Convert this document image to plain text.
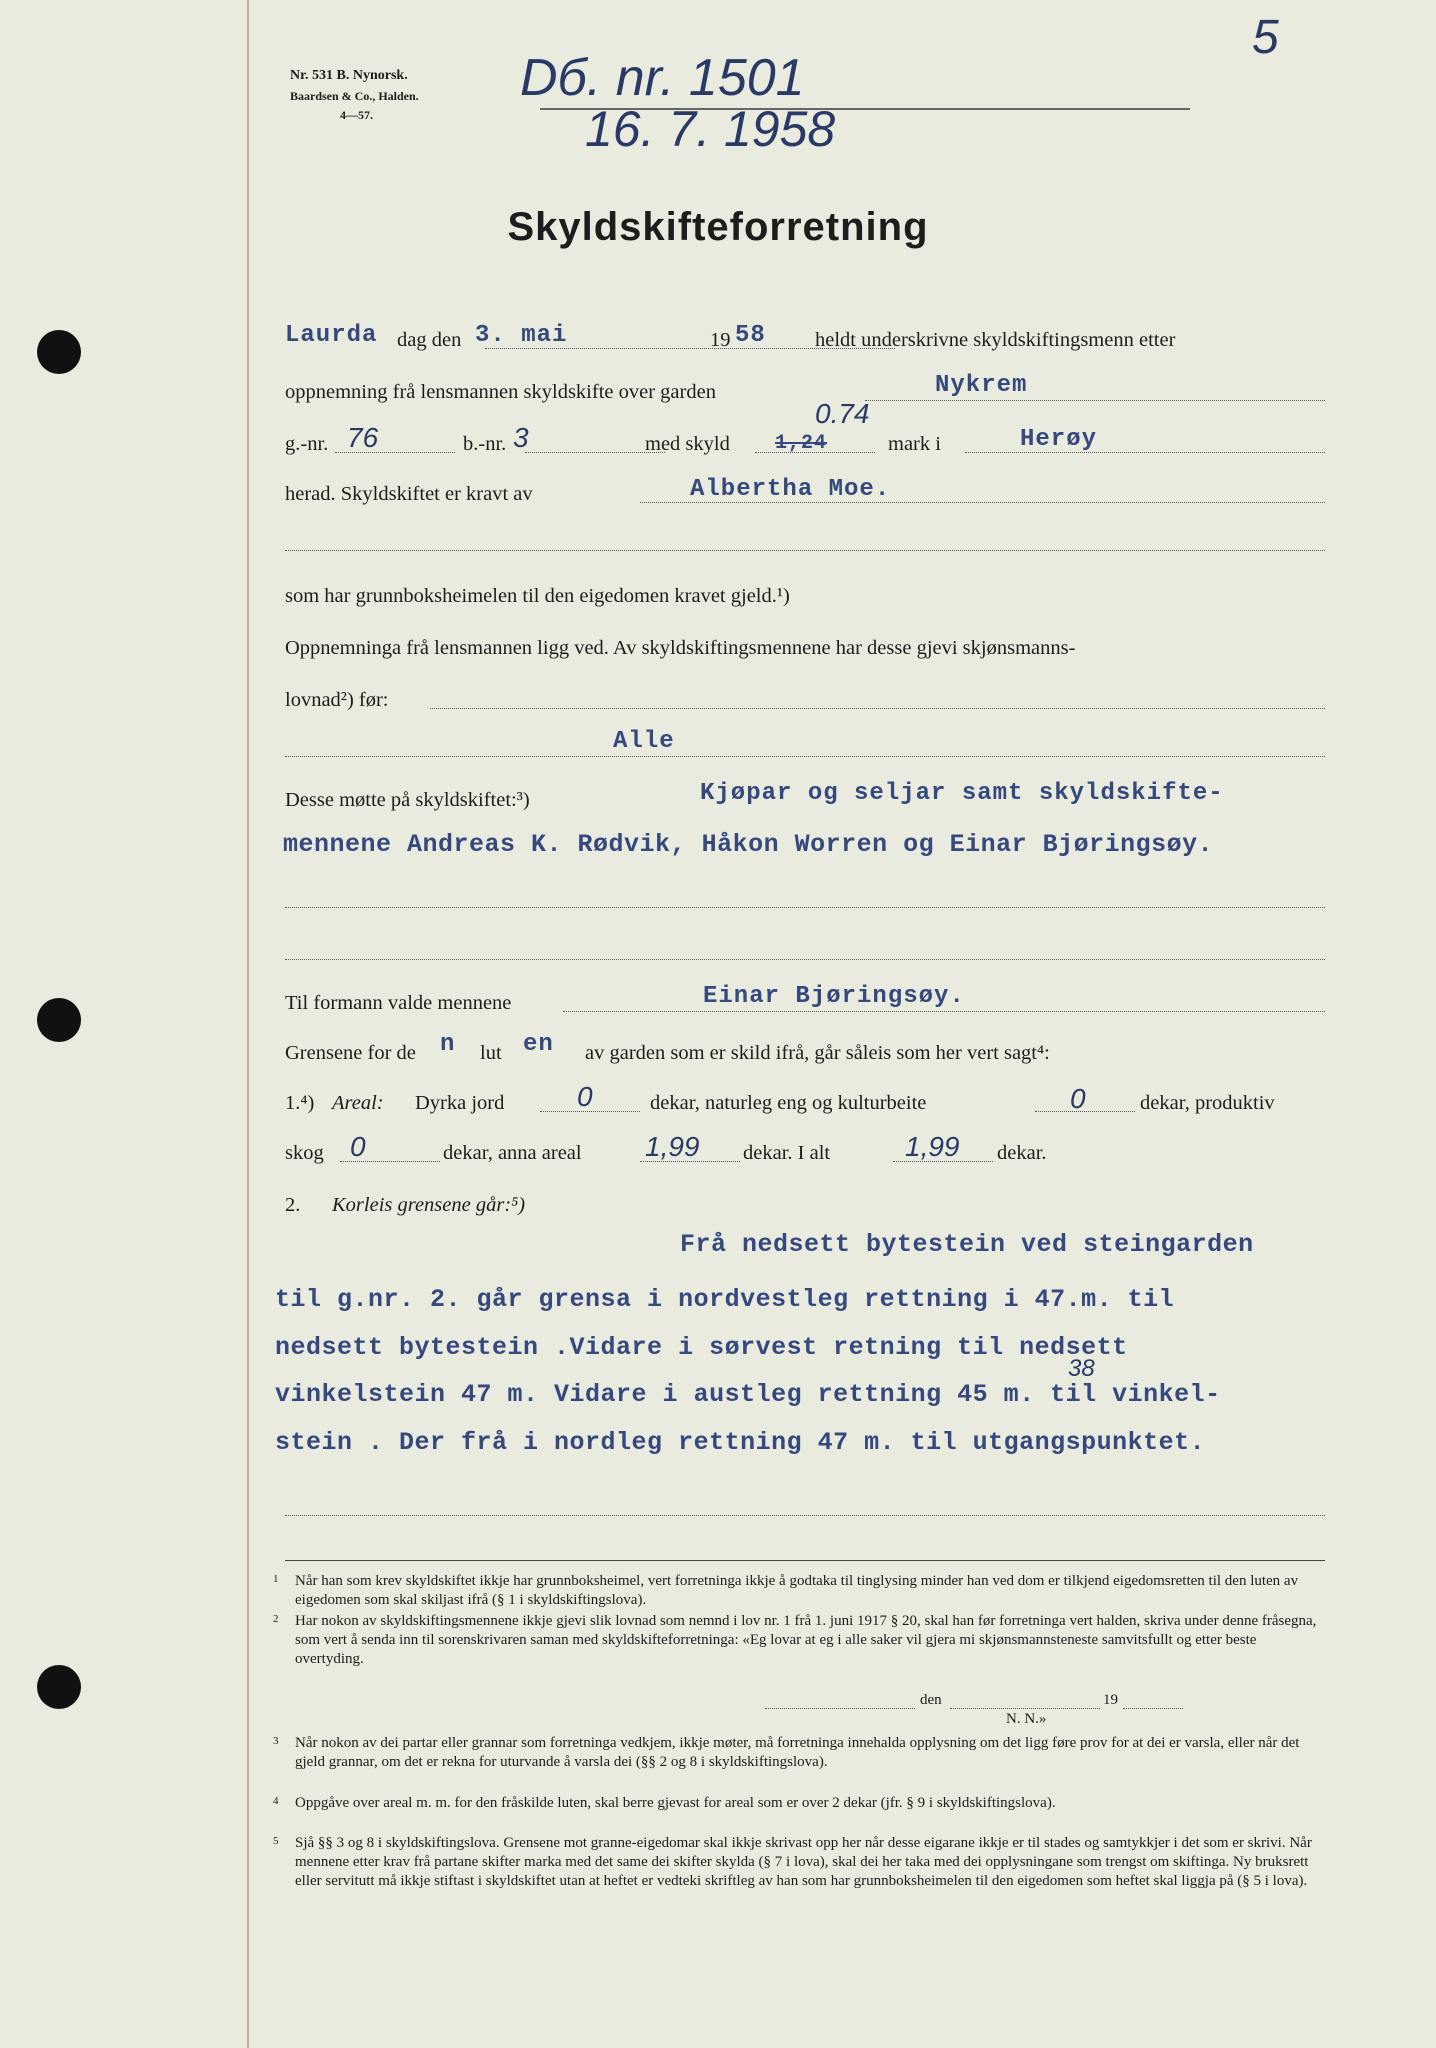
Nr. 531 B. Nynorsk.
Baardsen & Co., Halden.
4—57.
Dб. nr. 1501
16. 7. 1958
5
Skyldskifteforretning
Laurda dag den 3. mai	19 58 heldt underskrivne skyldskiftingsmenn etter
oppnemning frå lensmannen skyldskifte over garden	Nykrem
g.-nr. 76	b.-nr. 3	med skyld 1,24
0.74
mark i	Herøy
herad. Skyldskiftet er kravt av	Albertha Moe.
som har grunnboksheimelen til den eigedomen kravet gjeld.¹)
Oppnemninga frå lensmannen ligg ved. Av skyldskiftingsmennene har desse gjevi skjønsmanns-
lovnad²) før:
Alle
Desse møtte på skyldskiftet:³)	Kjøpar og seljar samt skyldskifte-
mennene Andreas K. Rødvik, Håkon Worren og Einar Bjøringsøy.
Til formann valde mennene	Einar Bjøringsøy.
Grensene for de n lut en av garden som er skild ifrå, går såleis som her vert sagt⁴:
1.⁴) Areal: Dyrka jord	0	dekar, naturleg eng og kulturbeite	0	dekar, produktiv
skog 0	dekar, anna areal 1,99 dekar. I alt	1,99 dekar.
2. Korleis grensene går:⁵)
Frå nedsett bytestein ved steingarden
til g.nr. 2. går grensa i nordvestleg rettning i 47.m. til
nedsett bytestein .Vidare i sørvest retning til nedsett
vinkelstein 47 m. Vidare i austleg rettning 45 m. til vinkel-
38
stein . Der frå i nordleg rettning 47 m. til utgangspunktet.
1 Når han som krev skyldskiftet ikkje har grunnboksheimel, vert forretninga ikkje å godtaka til tinglysing minder han ved dom er tilkjend eigedomsretten til den luten av eigedomen som skal skiljast ifrå (§ 1 i skyldskiftingslova).
2 Har nokon av skyldskiftingsmennene ikkje gjevi slik lovnad som nemnd i lov nr. 1 frå 1. juni 1917 § 20, skal han før forretninga vert halden, skriva under denne fråsegna, som vert å senda inn til sorenskrivaren saman med skyldskifteforretninga: «Eg lovar at eg i alle saker vil gjera mi skjønsmannsteneste samvitsfullt og etter beste overtyding.
den	19
N. N.»
3 Når nokon av dei partar eller grannar som forretninga vedkjem, ikkje møter, må forretninga innehalda opplysning om det ligg føre prov for at dei er varsla, eller når det gjeld grannar, om det er rekna for uturvande å varsla dei (§§ 2 og 8 i skyldskiftingslova).
4 Oppgåve over areal m. m. for den fråskilde luten, skal berre gjevast for areal som er over 2 dekar (jfr. § 9 i skyldskiftingslova).
5 Sjå §§ 3 og 8 i skyldskiftingslova. Grensene mot granne-eigedomar skal ikkje skrivast opp her når desse eigarane ikkje er til stades og samtykkjer i det som er skrivi. Når mennene etter krav frå partane skifter marka med det same dei skifter skylda (§ 7 i lova), skal dei her taka med dei opplysningane som trengst om skiftinga. Ny bruksrett eller servitutt må ikkje stiftast i skyldskiftet utan at heftet er vedteki skriftleg av han som har grunnboksheimelen til den eigedomen som heftet skal liggja på (§ 5 i lova).
